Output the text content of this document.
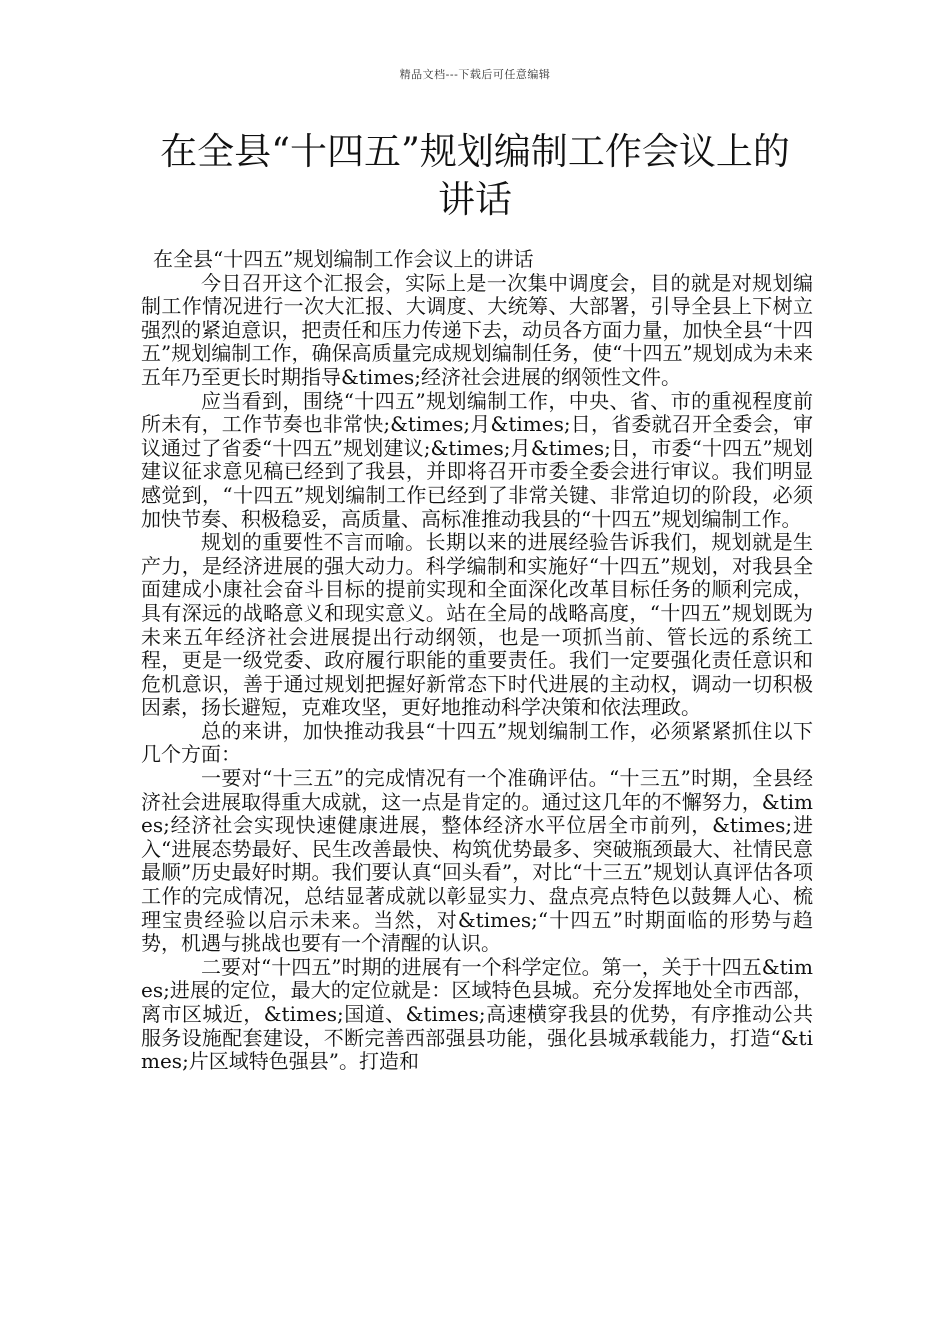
精品文档---下载后可任意编辑
在全县“十四五”规划编制工作会议上的
讲话

在全县“十四五”规划编制工作会议上的讲话

今日召开这个汇报会，实际上是一次集中调度会，目的就是对规划编制工作情况进行一次大汇报、大调度、大统筹、大部署，引导全县上下树立强烈的紧迫意识，把责任和压力传递下去，动员各方面力量，加快全县“十四五”规划编制工作，确保高质量完成规划编制任务，使“十四五”规划成为未来五年乃至更长时期指导&times;经济社会进展的纲领性文件。

应当看到，围绕“十四五”规划编制工作，中央、省、市的重视程度前所未有，工作节奏也非常快;&times;月&times;日，省委就召开全委会，审议通过了省委“十四五”规划建议;&times;月&times;日，市委“十四五”规划建议征求意见稿已经到了我县，并即将召开市委全委会进行审议。我们明显感觉到，“十四五”规划编制工作已经到了非常关键、非常迫切的阶段，必须加快节奏、积极稳妥，高质量、高标准推动我县的“十四五”规划编制工作。

规划的重要性不言而喻。长期以来的进展经验告诉我们，规划就是生产力，是经济进展的强大动力。科学编制和实施好“十四五”规划，对我县全面建成小康社会奋斗目标的提前实现和全面深化改革目标任务的顺利完成，具有深远的战略意义和现实意义。站在全局的战略高度，“十四五”规划既为未来五年经济社会进展提出行动纲领，也是一项抓当前、管长远的系统工程，更是一级党委、政府履行职能的重要责任。我们一定要强化责任意识和危机意识，善于通过规划把握好新常态下时代进展的主动权，调动一切积极因素，扬长避短，克难攻坚，更好地推动科学决策和依法理政。

总的来讲，加快推动我县“十四五”规划编制工作，必须紧紧抓住以下几个方面：

一要对“十三五”的完成情况有一个准确评估。“十三五”时期，全县经济社会进展取得重大成就，这一点是肯定的。通过这几年的不懈努力，&times;经济社会实现快速健康进展，整体经济水平位居全市前列，&times;进入“进展态势最好、民生改善最快、构筑优势最多、突破瓶颈最大、社情民意最顺”历史最好时期。我们要认真“回头看”，对比“十三五”规划认真评估各项工作的完成情况，总结显著成就以彰显实力、盘点亮点特色以鼓舞人心、梳理宝贵经验以启示未来。当然，对&times;“十四五”时期面临的形势与趋势，机遇与挑战也要有一个清醒的认识。

二要对“十四五”时期的进展有一个科学定位。第一，关于十四五&times;进展的定位，最大的定位就是：区域特色县城。充分发挥地处全市西部，离市区城近，&times;国道、&times;高速横穿我县的优势，有序推动公共服务设施配套建设，不断完善西部强县功能，强化县城承载能力，打造“&times;片区域特色强县”。打造和
